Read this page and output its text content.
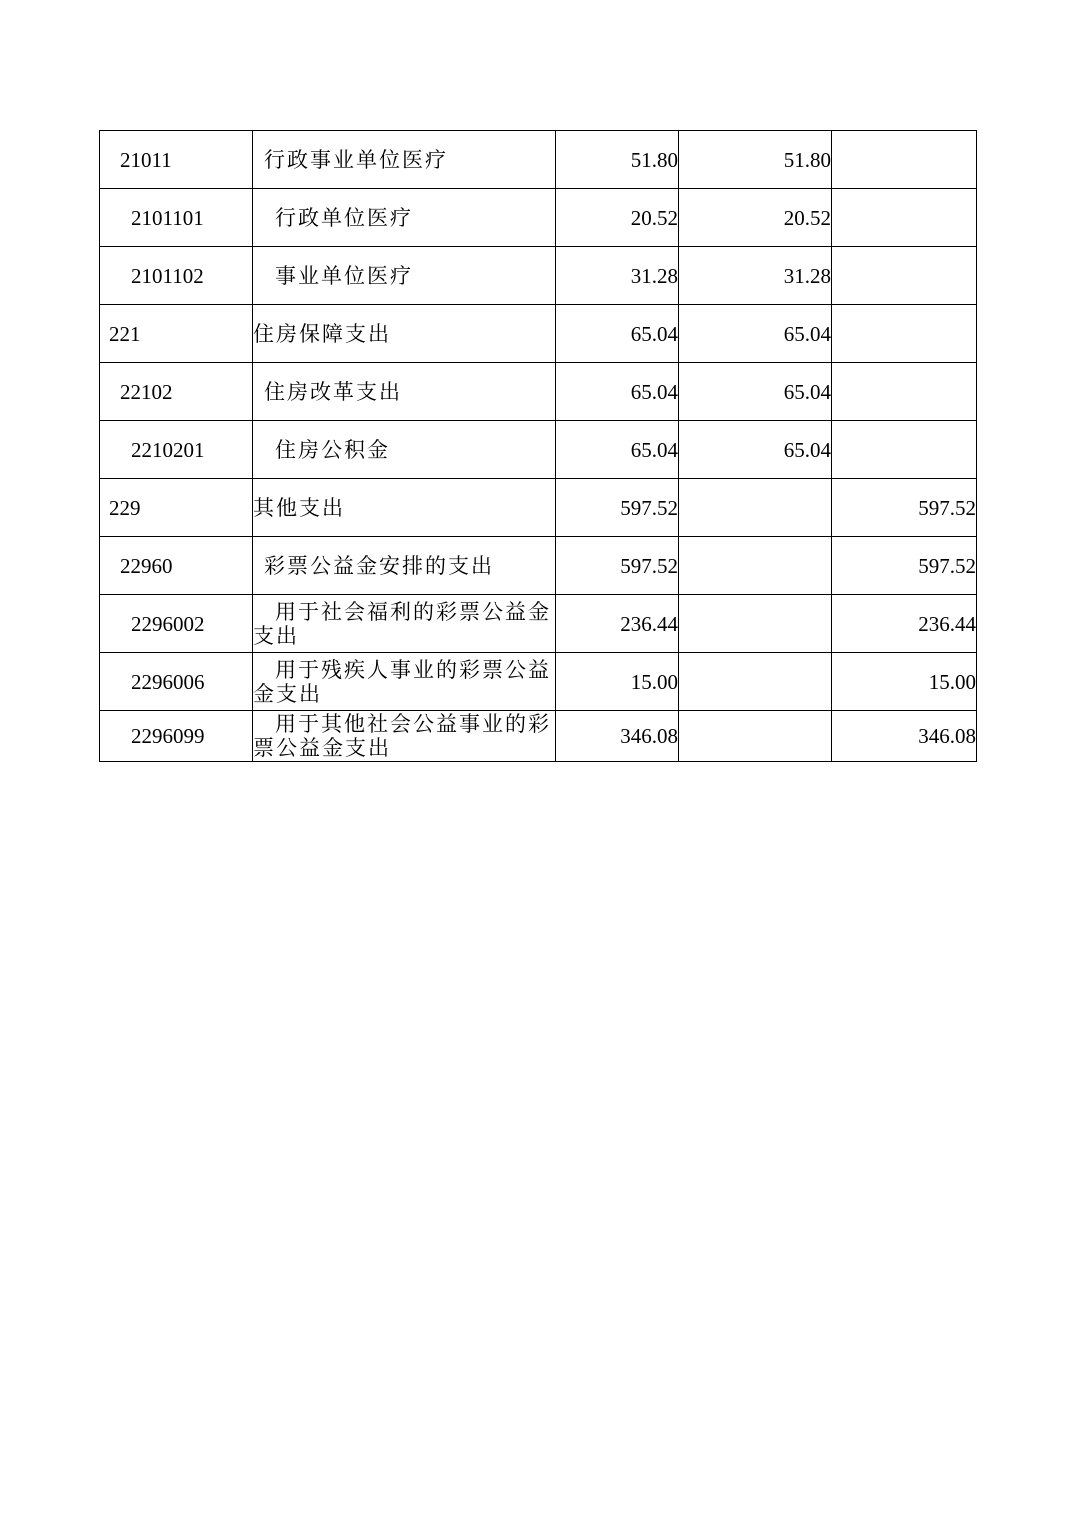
21011	行政事业单位医疗	51.80	51.80	
2101101	行政单位医疗	20.52	20.52	
2101102	事业单位医疗	31.28	31.28	
221	住房保障支出	65.04	65.04	
22102	住房改革支出	65.04	65.04	
2210201	住房公积金	65.04	65.04	
229	其他支出	597.52		597.52
22960	彩票公益金安排的支出	597.52		597.52
2296002	用于社会福利的彩票公益金支出	236.44		236.44
2296006	用于残疾人事业的彩票公益金支出	15.00		15.00
2296099	用于其他社会公益事业的彩票公益金支出	346.08		346.08
